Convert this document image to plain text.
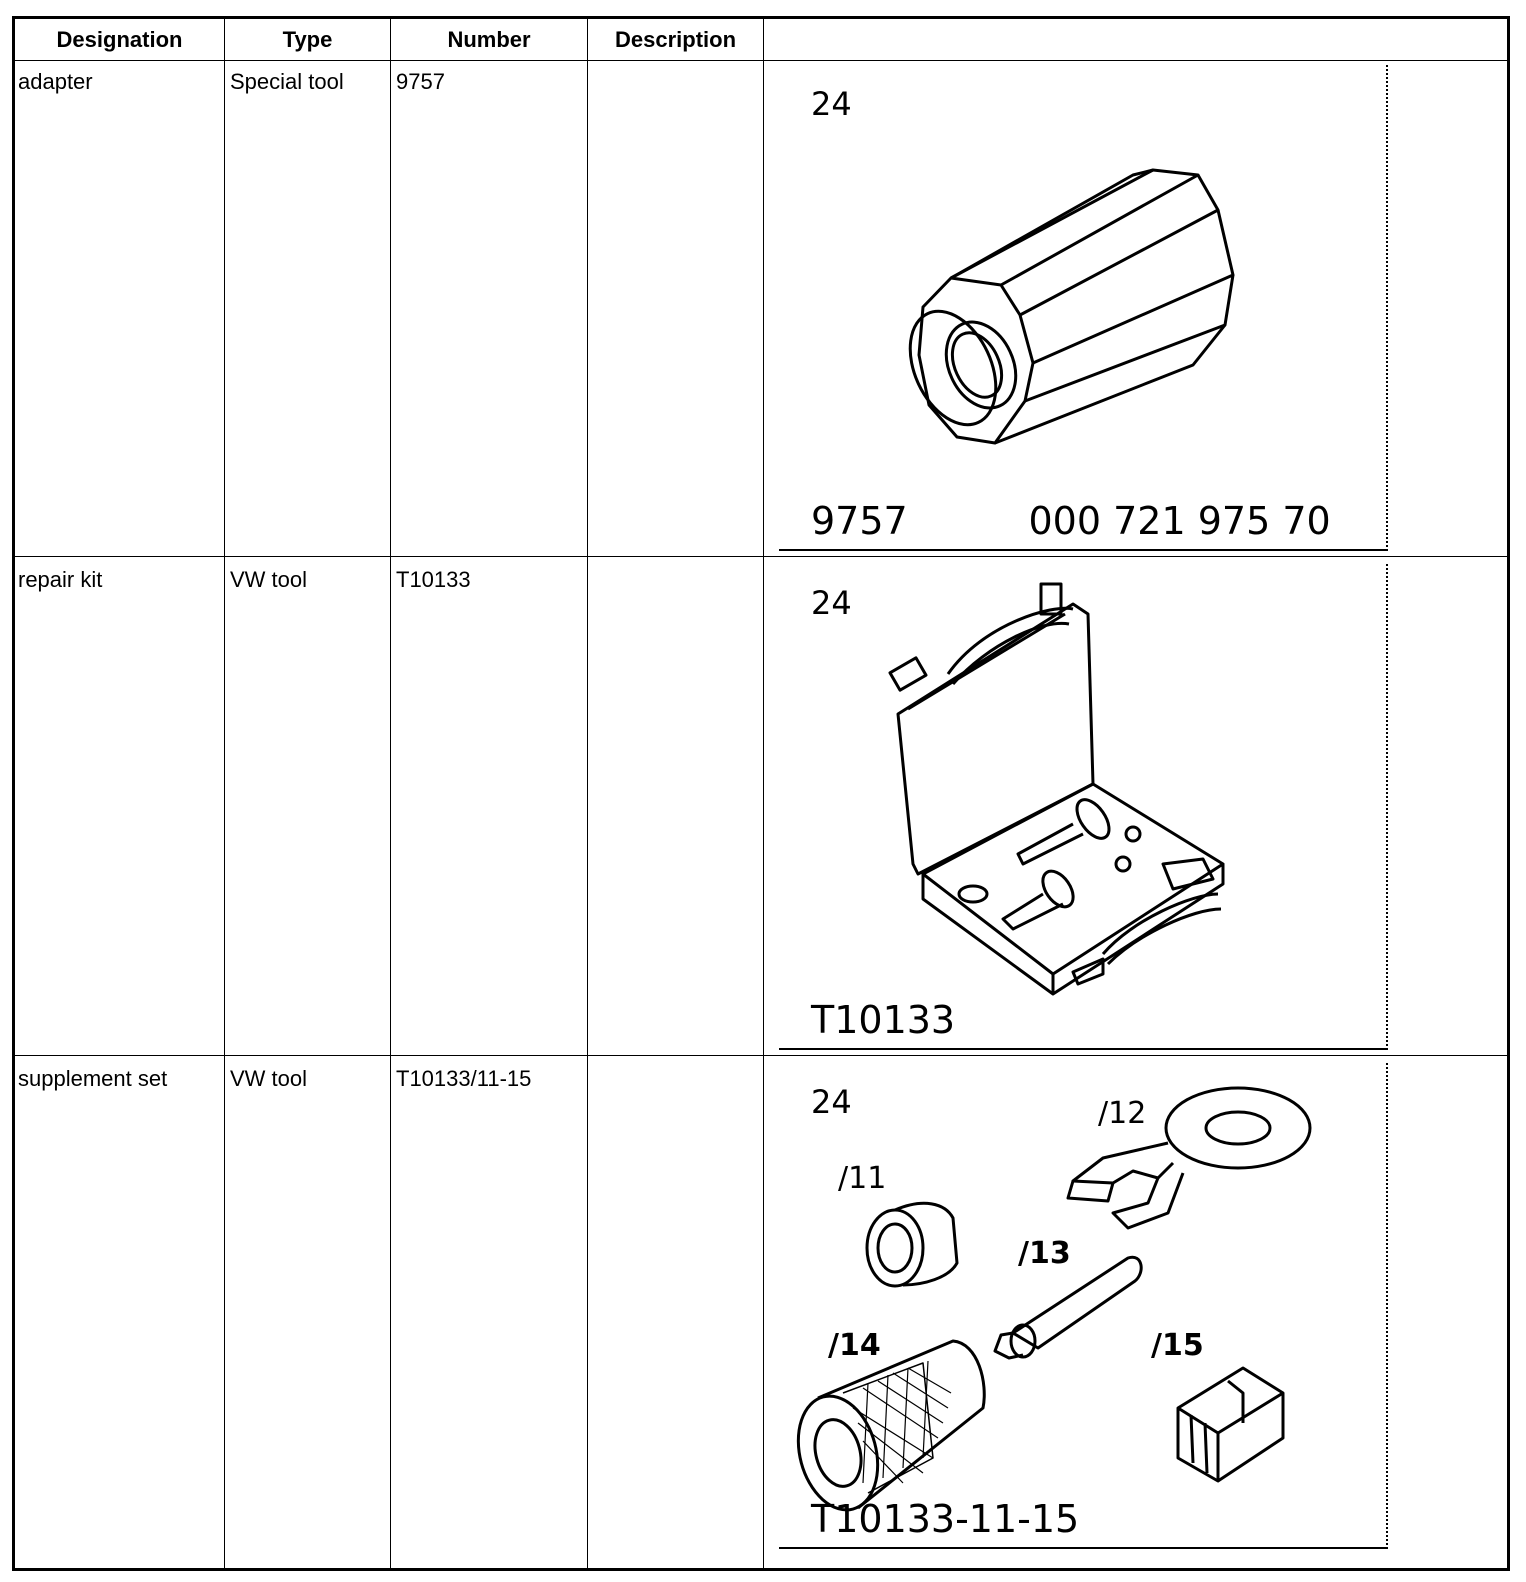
Designation	Type	Number	Description
adapter	Special tool 9757
24
9757          000 721 975 70
repair kit	VW tool	T10133
24
T10133
supplement set	VW tool	T10133/11-15
24
/11
/12
/13
/14	/15
T10133-11-15
